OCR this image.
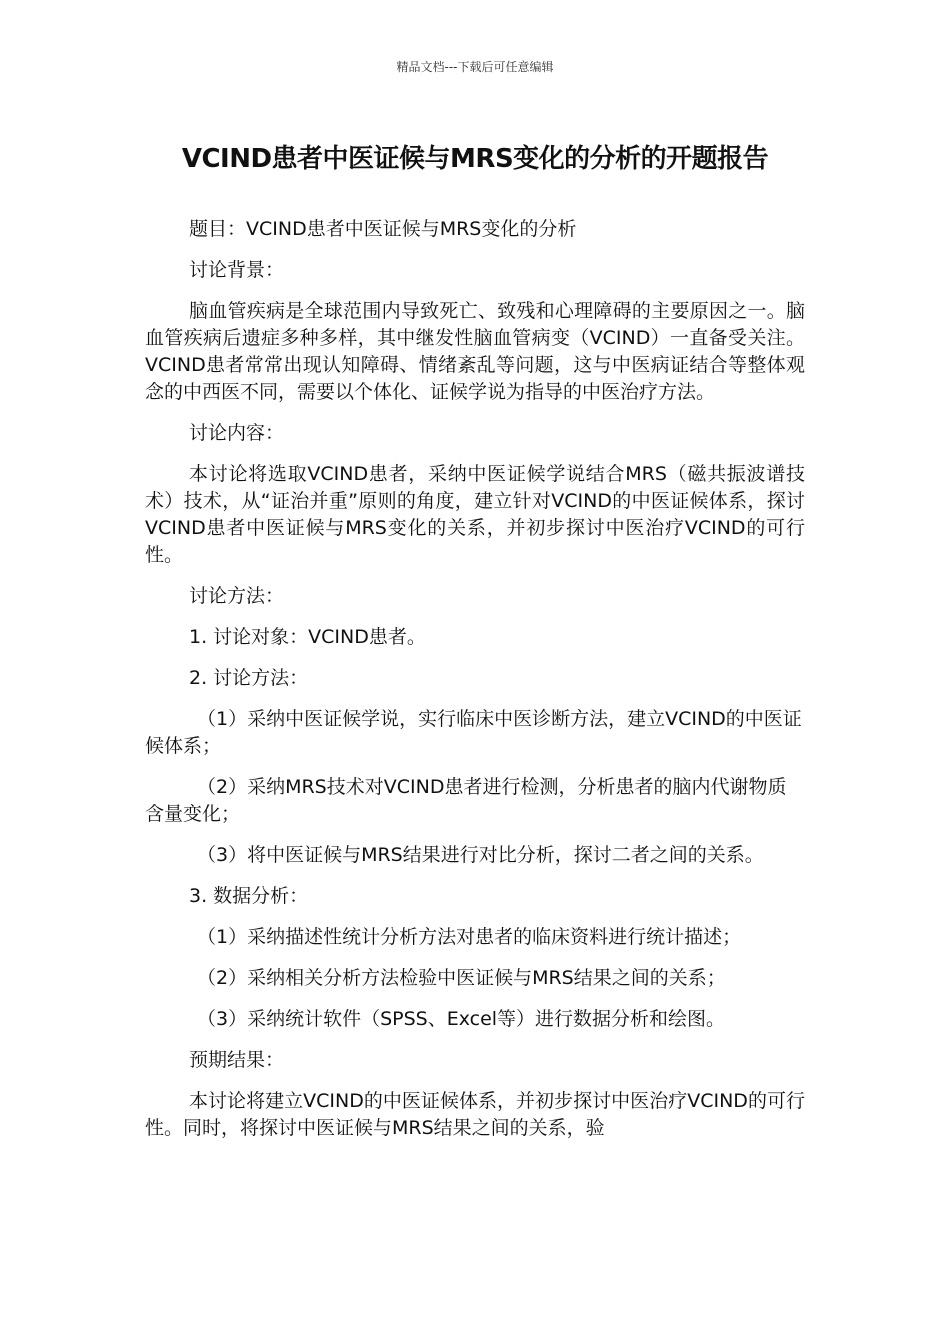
精品文档---下载后可任意编辑
VCIND患者中医证候与MRS变化的分析的开题报告

题目：VCIND患者中医证候与MRS变化的分析

讨论背景：

脑血管疾病是全球范围内导致死亡、致残和心理障碍的主要原因之一。脑血管疾病后遗症多种多样，其中继发性脑血管病变（VCIND）一直备受关注。VCIND患者常常出现认知障碍、情绪紊乱等问题，这与中医病证结合等整体观念的中西医不同，需要以个体化、证候学说为指导的中医治疗方法。

讨论内容：

本讨论将选取VCIND患者，采纳中医证候学说结合MRS（磁共振波谱技术）技术，从“证治并重”原则的角度，建立针对VCIND的中医证候体系，探讨VCIND患者中医证候与MRS变化的关系，并初步探讨中医治疗VCIND的可行性。

讨论方法：

1. 讨论对象：VCIND患者。

2. 讨论方法：

（1）采纳中医证候学说，实行临床中医诊断方法，建立VCIND的中医证候体系；

（2）采纳MRS技术对VCIND患者进行检测，分析患者的脑内代谢物质含量变化；

（3）将中医证候与MRS结果进行对比分析，探讨二者之间的关系。

3. 数据分析：

（1）采纳描述性统计分析方法对患者的临床资料进行统计描述；

（2）采纳相关分析方法检验中医证候与MRS结果之间的关系；

（3）采纳统计软件（SPSS、Excel等）进行数据分析和绘图。

预期结果：

本讨论将建立VCIND的中医证候体系，并初步探讨中医治疗VCIND的可行性。同时，将探讨中医证候与MRS结果之间的关系，验
